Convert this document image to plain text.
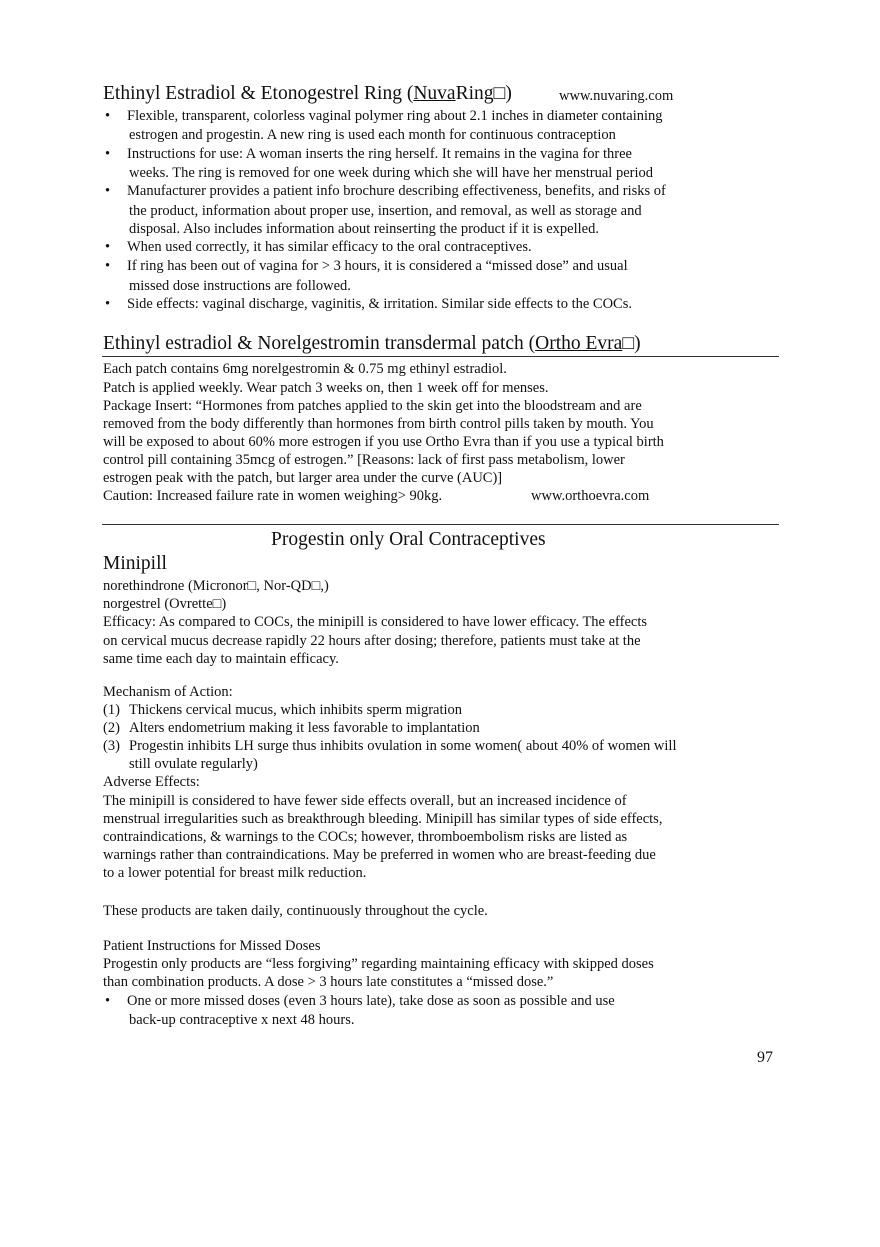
Ethinyl Estradiol & Etonogestrel Ring (NuvaRing□)	www.nuvaring.com
• Flexible, transparent, colorless vaginal polymer ring about 2.1 inches in diameter containing
estrogen and progestin. A new ring is used each month for continuous contraception
• Instructions for use: A woman inserts the ring herself. It remains in the vagina for three
weeks. The ring is removed for one week during which she will have her menstrual period
• Manufacturer provides a patient info brochure describing effectiveness, benefits, and risks of
the product, information about proper use, insertion, and removal, as well as storage and
disposal. Also includes information about reinserting the product if it is expelled.
• When used correctly, it has similar efficacy to the oral contraceptives.
• If ring has been out of vagina for > 3 hours, it is considered a “missed dose” and usual
missed dose instructions are followed.
• Side effects: vaginal discharge, vaginitis, & irritation. Similar side effects to the COCs.
Ethinyl estradiol & Norelgestromin transdermal patch (Ortho Evra□)
Each patch contains 6mg norelgestromin & 0.75 mg ethinyl estradiol.
Patch is applied weekly. Wear patch 3 weeks on, then 1 week off for menses.
Package Insert: “Hormones from patches applied to the skin get into the bloodstream and are
removed from the body differently than hormones from birth control pills taken by mouth. You
will be exposed to about 60% more estrogen if you use Ortho Evra than if you use a typical birth
control pill containing 35mcg of estrogen.” [Reasons: lack of first pass metabolism, lower
estrogen peak with the patch, but larger area under the curve (AUC)]
Caution: Increased failure rate in women weighing> 90kg.	www.orthoevra.com
Progestin only Oral Contraceptives
Minipill
norethindrone (Micronor□, Nor-QD□,)
norgestrel (Ovrette□)
Efficacy: As compared to COCs, the minipill is considered to have lower efficacy. The effects
on cervical mucus decrease rapidly 22 hours after dosing; therefore, patients must take at the
same time each day to maintain efficacy.
Mechanism of Action:
(1) Thickens cervical mucus, which inhibits sperm migration
(2) Alters endometrium making it less favorable to implantation
(3) Progestin inhibits LH surge thus inhibits ovulation in some women( about 40% of women will
still ovulate regularly)
Adverse Effects:
The minipill is considered to have fewer side effects overall, but an increased incidence of
menstrual irregularities such as breakthrough bleeding. Minipill has similar types of side effects,
contraindications, & warnings to the COCs; however, thromboembolism risks are listed as
warnings rather than contraindications. May be preferred in women who are breast-feeding due
to a lower potential for breast milk reduction.
These products are taken daily, continuously throughout the cycle.
Patient Instructions for Missed Doses
Progestin only products are “less forgiving” regarding maintaining efficacy with skipped doses
than combination products. A dose > 3 hours late constitutes a “missed dose.”
• One or more missed doses (even 3 hours late), take dose as soon as possible and use
back-up contraceptive x next 48 hours.
97
